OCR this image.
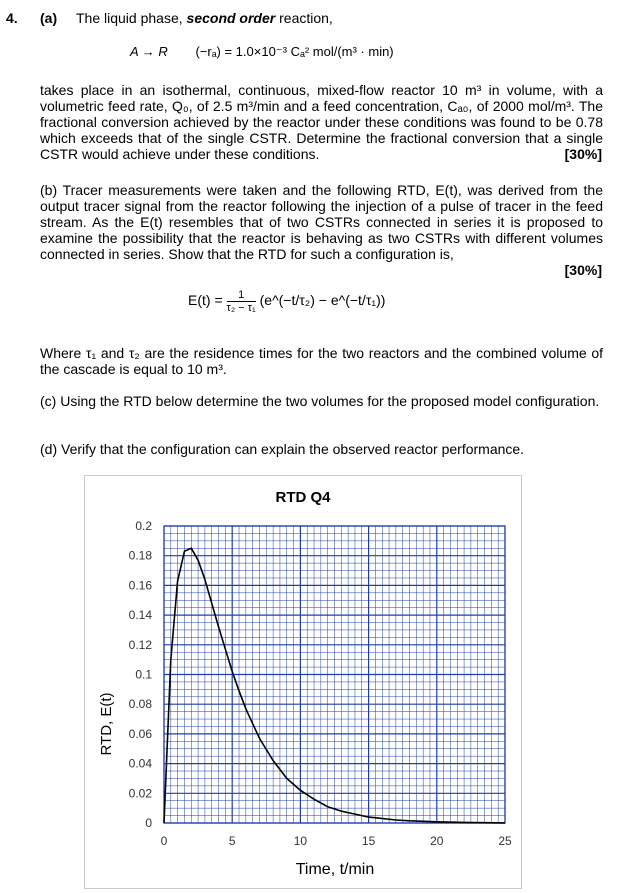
4. (a) The liquid phase, second order reaction,
A → R (−rₐ) = 1.0×10⁻³ Cₐ² mol/(m³ · min)
takes place in an isothermal, continuous, mixed-flow reactor 10 m³ in volume, with a volumetric feed rate, Q₀, of 2.5 m³/min and a feed concentration, Cₐ₀, of 2000 mol/m³. The fractional conversion achieved by the reactor under these conditions was found to be 0.78 which exceeds that of the single CSTR. Determine the fractional conversion that a single CSTR would achieve under these conditions.	[30%]
(b) Tracer measurements were taken and the following RTD, E(t), was derived from the output tracer signal from the reactor following the injection of a pulse of tracer in the feed stream. As the E(t) resembles that of two CSTRs connected in series it is proposed to examine the possibility that the reactor is behaving as two CSTRs with different volumes connected in series. Show that the RTD for such a configuration is,
[30%]
$E(t) = \frac{1}{\text{τ₂ − τ₁}}$ (e^(−t/τ₂) − e^(−t/τ₁))
Where τ₁ and τ₂ are the residence times for the two reactors and the combined volume of the cascade is equal to 10 m³.
(c) Using the RTD below determine the two volumes for the proposed model configuration.
(d) Verify that the configuration can explain the observed reactor performance.
RTD Q4
0
0.02
0.04
0.06
0.08
0.1
0.12
0.14
0.16
0.18
0.2
0	5	10	15	20	25
Time, t/min
RTD, E(t)
